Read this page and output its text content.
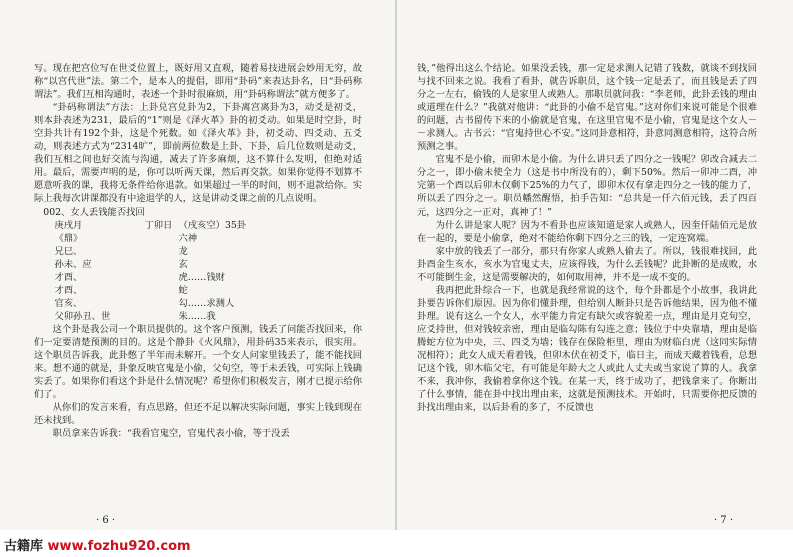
写。现在把宫位写在世爻位置上，既好用又直观，随着易技进展会妙用无穷，故称“以宫代世”法。第二个，是本人的提倡，即用“卦码”来表达卦名，日“卦码称谓法”。我们互相沟通时，表述一个卦时很麻烦，用“卦码称谓法”就方便多了。

“卦码称谓法”方法：上卦兑宫兑卦为2，下卦离宫离卦为3，动爻是初爻，则本卦表述为231，最后的“1”则是《泽火革》卦的初爻动。如果是时空卦，时空卦共计有192个卦，这是个死数。如《泽火革》卦，初爻动、四爻动、五爻动，则表述方式为“2314旷”，即前两位数是上卦、下卦，后几位数则是动爻，我们互相之间也好交流与沟通，减去了许多麻烦，这不算什么发明，但绝对适用。最后，需要声明的是，你可以听两天课，然后再交款。如果你觉得不划算不愿意听我的课，我将无条件给你退款。如果超过一半的时间，则不退款给你。实际上我每次讲课都没有中途退学的人，这是讲动爻课之前的几点说明。

002、女人丢钱能否找回

庚戌月	丁卯日 （戌亥空）35卦
《鼎》	六神
兄巳、	龙
孙未、应	玄
才酉、	虎……钱财
才酉、	蛇
官亥、	勾……求测人
父卯孙丑、世	朱……我

这个卦是我公司一个职员提供的。这个客户预测，钱丢了问能否找回来，你们一定要清楚预测的目的。这是个静卦《火风鼎》，用卦码35来表示，很实用。这个职员告诉我，此卦憋了半年而未解开。一个女人问家里钱丢了，能不能找回来。想不通的就是，卦象反映官鬼是小偷，父旬空，等于未丢钱，可实际上钱确实丢了。如果你们看这个卦是什么情况呢？希望你们积极发言，刚才已提示给你们了。

从你们的发言来看，有点思路，但还不足以解决实际问题，事实上钱到现在还未找到。

职员拿来告诉我：“我看官鬼空，官鬼代表小偷，等于没丢

· 6 ·

钱，”他得出这么个结论。如果没丢钱，那一定是求测人记错了钱数，就谈不到找回与找不回来之说。我看了看卦，就告诉职员，这个钱一定是丢了，而且钱是丢了四分之一左右，偷钱的人是家里人或熟人。那职员就问我：“李老师，此卦丢钱的理由或道理在什么？”我就对他讲：“此卦的小偷不是官鬼。”这对你们来说可能是个很难的问题，古书留传下来的小偷就是官鬼，在这里官鬼不是小偷，官鬼是这个女人－－求测人。古书云：“官鬼持世心不安。”这同卦意相符，卦意同测意相符，这符合所预测之事。

官鬼不是小偷，而卯木是小偷。为什么讲只丢了四分之一钱呢？卯改合减去二分之一，即小偷未使全力（这是书中所没有的），剩下50%。然后一卯冲二酉，冲完第一个酉以后卯木仅剩下25%的力气了，即卯木仅有拿走四分之一钱的能力了，所以丢了四分之一。职员幡然醒悟，拍手告知：“总共是一仟六佰元钱，丢了四百元，这四分之一正对，真神了！”

为什么讲是家人呢？因为不看卦也应该知道是家人或熟人，因奎仟陆佰元是放在一起的，要是小偷拿，绝对不能给你剩下四分之三的钱，一定连窝端。

家中放的钱丢了一部分，那只有你家人或熟人偷去了。所以，钱很难找回，此卦酉金生亥水，亥水为官鬼丈夫，应该得钱，为什么丢钱呢？此卦断的是成败，水不可能倒生金，这是需要解决的，如何取用神，并不是一成不变的。

我再把此卦综合一下，也就是我经常说的这个，每个卦都是个小故事，我讲此卦要告诉你们原因。因为你们懂卦理，但给别人断卦只是告诉他结果，因为他不懂卦理。说有这么一个女人，水平能力肯定有缺欠或容貌差一点，理由是月克旬空，应爻持世，但对钱较亲密，理由是临勾陈有勾连之意；钱位于中央靠墙，理由是临腾蛇方位为中央，三、四爻为墙；钱存在保险柜里，理由为财临白虎（这同实际情况相符）；此女人成天看着钱，但卯木伏在初爻下，临日主，而成天藏着钱看，总想记这个钱，卯木临父宅，有可能是年龄大之人或此人丈夫或当家说了算的人。我拿不来，我冲你，我偷着拿你这个钱。在某一天，终于成功了，把钱拿来了。你断出了什么事情，能在卦中找出理由来，这就是预测技术。开始时，只需要你把反馈的卦找出理由来，以后卦看的多了，不反馈也

· 7 ·
古籍库 www.fozhu920.com
